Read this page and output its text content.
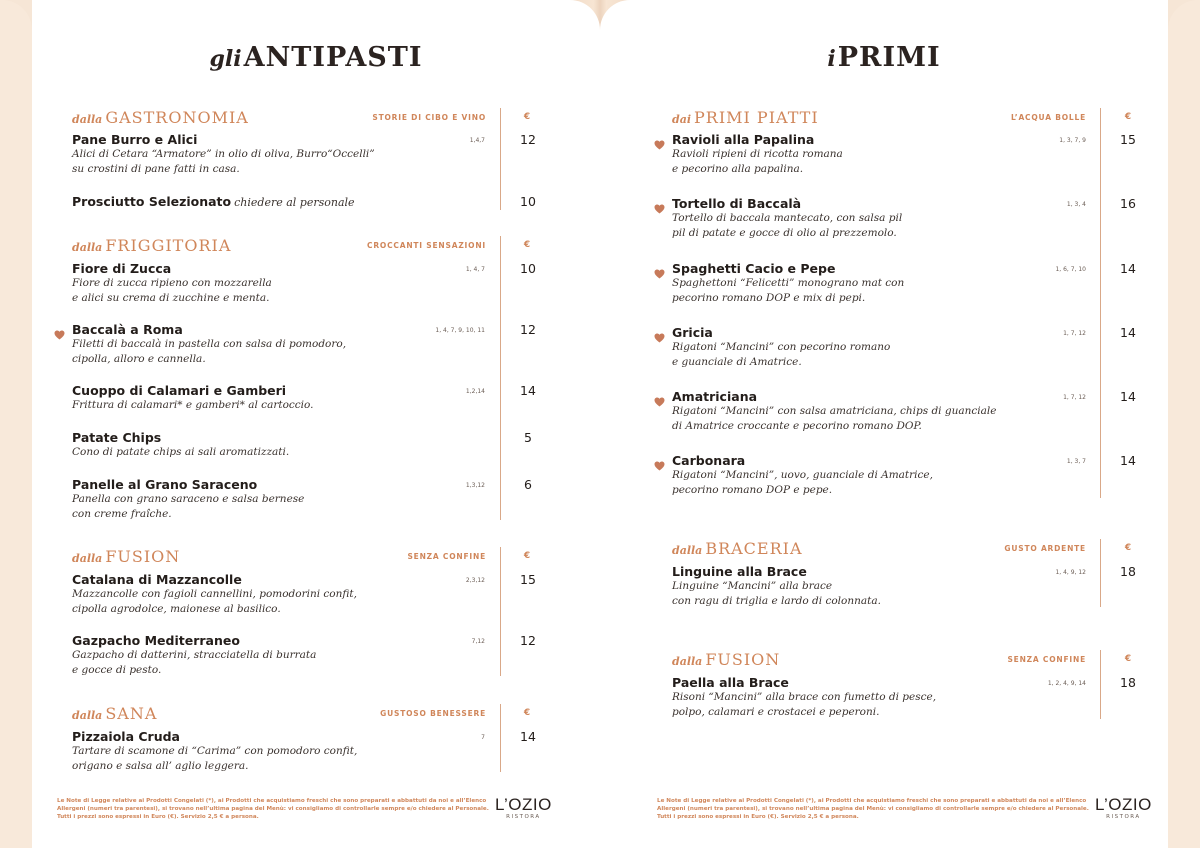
gliANTIPASTI
dalla GASTRONOMIA	STORIE DI CIBO E VINO	€
Pane Burro e Alici
Alici di Cetara “Armatore” in olio di oliva, Burro“Occelli”
su crostini di pane fatti in casa.
1,4,7	12
Prosciutto Selezionato chiedere al personale	10
dalla FRIGGITORIA	CROCCANTI SENSAZIONI	€
Fiore di Zucca
Fiore di zucca ripieno con mozzarella
e alici su crema di zucchine e menta.
1, 4, 7	10
Baccalà a Roma
Filetti di baccalà in pastella con salsa di pomodoro,
cipolla, alloro e cannella.
1, 4, 7, 9, 10, 11	12
Cuoppo di Calamari e Gamberi
Frittura di calamari* e gamberi* al cartoccio.
1,2,14	14
Patate Chips
Cono di patate chips ai sali aromatizzati.
5
Panelle al Grano Saraceno
Panella con grano saraceno e salsa bernese
con creme fraîche.
1,3,12	6
dalla FUSION	SENZA CONFINE	€
Catalana di Mazzancolle
Mazzancolle con fagioli cannellini, pomodorini confit,
cipolla agrodolce, maionese al basilico.
2,3,12	15
Gazpacho Mediterraneo
Gazpacho di datterini, stracciatella di burrata
e gocce di pesto.
7,12	12
dalla SANA	GUSTOSO BENESSERE	€
Pizzaiola Cruda
Tartare di scamone di “Carima” con pomodoro confit,
origano e salsa all’ aglio leggera.
7	14
Le Note di Legge relative ai Prodotti Congelati (*), ai Prodotti che acquistiamo freschi che sono preparati e abbattuti da noi e all’Elenco Allergeni (numeri tra parentesi), si trovano nell’ultima pagina del Menù: vi consigliamo di controllarle sempre e/o chiedere al Personale. Tutti i prezzi sono espressi in Euro (€). Servizio 2,5 € a persona.
L’OZIO
RISTORA
iPRIMI
dai PRIMI PIATTI	L’ACQUA BOLLE	€
Ravioli alla Papalina
Ravioli ripieni di ricotta romana
e pecorino alla papalina.
1, 3, 7, 9	15
Tortello di Baccalà
Tortello di baccala mantecato, con salsa pil
pil di patate e gocce di olio al prezzemolo.
1, 3, 4	16
Spaghetti Cacio e Pepe
Spaghettoni “Felicetti” monograno mat con
pecorino romano DOP e mix di pepi.
1, 6, 7, 10	14
Gricia
Rigatoni “Mancini” con pecorino romano
e guanciale di Amatrice.
1, 7, 12	14
Amatriciana
Rigatoni “Mancini” con salsa amatriciana, chips di guanciale
di Amatrice croccante e pecorino romano DOP.
1, 7, 12	14
Carbonara
Rigatoni “Mancini”, uovo, guanciale di Amatrice,
pecorino romano DOP e pepe.
1, 3, 7	14
dalla BRACERIA	GUSTO ARDENTE	€
Linguine alla Brace
Linguine “Mancini” alla brace
con ragu di triglia e lardo di colonnata.
1, 4, 9, 12	18
dalla FUSION	SENZA CONFINE	€
Paella alla Brace
Risoni “Mancini” alla brace con fumetto di pesce,
polpo, calamari e crostacei e peperoni.
1, 2, 4, 9, 14	18
Le Note di Legge relative ai Prodotti Congelati (*), ai Prodotti che acquistiamo freschi che sono preparati e abbattuti da noi e all’Elenco Allergeni (numeri tra parentesi), si trovano nell’ultima pagina del Menù: vi consigliamo di controllarle sempre e/o chiedere al Personale. Tutti i prezzi sono espressi in Euro (€). Servizio 2,5 € a persona.
L’OZIO
RISTORA
